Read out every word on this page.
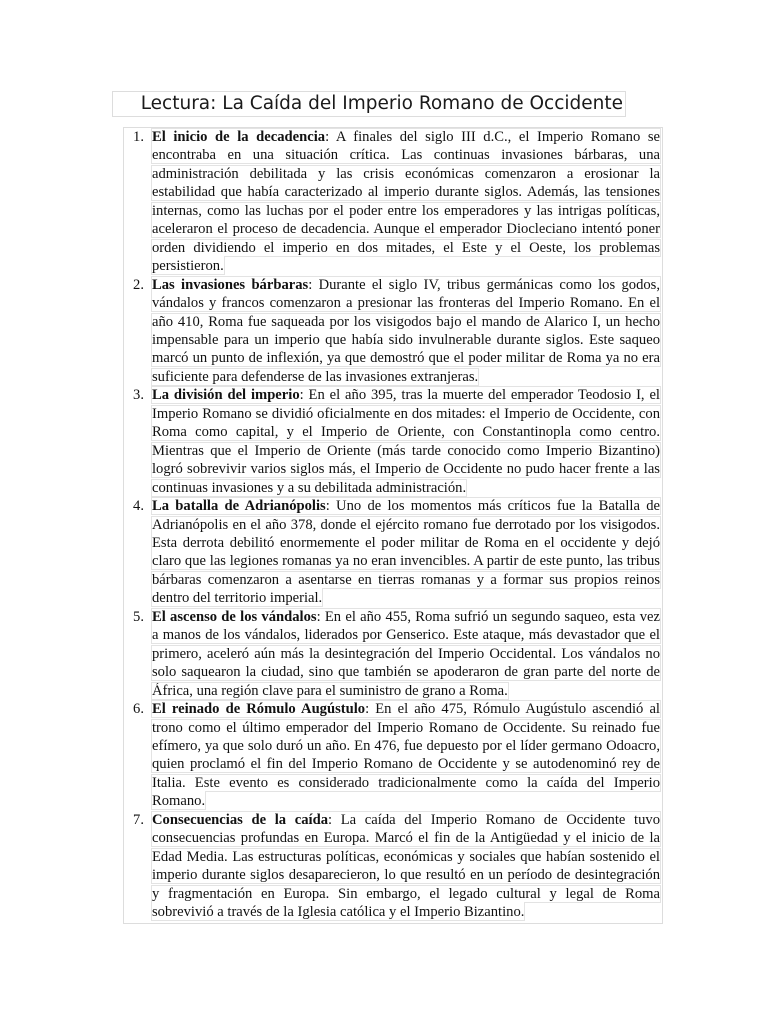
Lectura: La Caída del Imperio Romano de Occidente
1. El inicio de la decadencia: A finales del siglo III d.C., el Imperio Romano se encontraba en una situación crítica. Las continuas invasiones bárbaras, una administración debilitada y las crisis económicas comenzaron a erosionar la estabilidad que había caracterizado al imperio durante siglos. Además, las tensiones internas, como las luchas por el poder entre los emperadores y las intrigas políticas, aceleraron el proceso de decadencia. Aunque el emperador Diocleciano intentó poner orden dividiendo el imperio en dos mitades, el Este y el Oeste, los problemas persistieron.
2. Las invasiones bárbaras: Durante el siglo IV, tribus germánicas como los godos, vándalos y francos comenzaron a presionar las fronteras del Imperio Romano. En el año 410, Roma fue saqueada por los visigodos bajo el mando de Alarico I, un hecho impensable para un imperio que había sido invulnerable durante siglos. Este saqueo marcó un punto de inflexión, ya que demostró que el poder militar de Roma ya no era suficiente para defenderse de las invasiones extranjeras.
3. La división del imperio: En el año 395, tras la muerte del emperador Teodosio I, el Imperio Romano se dividió oficialmente en dos mitades: el Imperio de Occidente, con Roma como capital, y el Imperio de Oriente, con Constantinopla como centro. Mientras que el Imperio de Oriente (más tarde conocido como Imperio Bizantino) logró sobrevivir varios siglos más, el Imperio de Occidente no pudo hacer frente a las continuas invasiones y a su debilitada administración.
4. La batalla de Adrianópolis: Uno de los momentos más críticos fue la Batalla de Adrianópolis en el año 378, donde el ejército romano fue derrotado por los visigodos. Esta derrota debilitó enormemente el poder militar de Roma en el occidente y dejó claro que las legiones romanas ya no eran invencibles. A partir de este punto, las tribus bárbaras comenzaron a asentarse en tierras romanas y a formar sus propios reinos dentro del territorio imperial.
5. El ascenso de los vándalos: En el año 455, Roma sufrió un segundo saqueo, esta vez a manos de los vándalos, liderados por Genserico. Este ataque, más devastador que el primero, aceleró aún más la desintegración del Imperio Occidental. Los vándalos no solo saquearon la ciudad, sino que también se apoderaron de gran parte del norte de África, una región clave para el suministro de grano a Roma.
6. El reinado de Rómulo Augústulo: En el año 475, Rómulo Augústulo ascendió al trono como el último emperador del Imperio Romano de Occidente. Su reinado fue efímero, ya que solo duró un año. En 476, fue depuesto por el líder germano Odoacro, quien proclamó el fin del Imperio Romano de Occidente y se autodenominó rey de Italia. Este evento es considerado tradicionalmente como la caída del Imperio Romano.
7. Consecuencias de la caída: La caída del Imperio Romano de Occidente tuvo consecuencias profundas en Europa. Marcó el fin de la Antigüedad y el inicio de la Edad Media. Las estructuras políticas, económicas y sociales que habían sostenido el imperio durante siglos desaparecieron, lo que resultó en un período de desintegración y fragmentación en Europa. Sin embargo, el legado cultural y legal de Roma sobrevivió a través de la Iglesia católica y el Imperio Bizantino.
